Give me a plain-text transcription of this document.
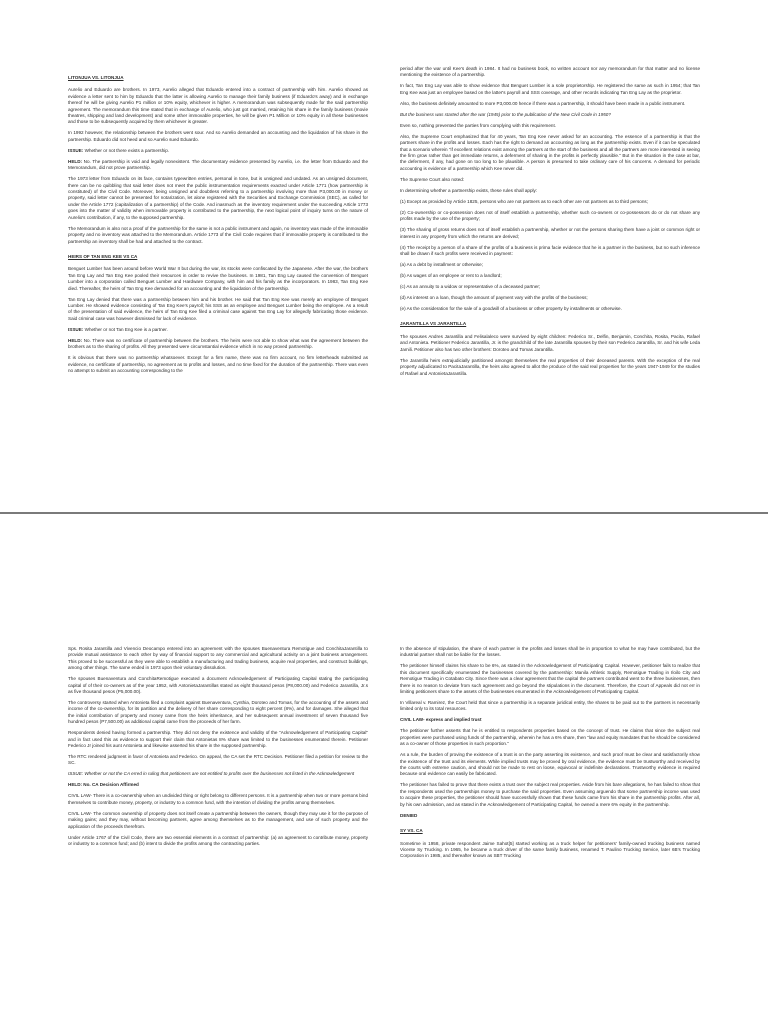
LITONJUA VS. LITONJUA

Aurelio and Eduardo are brothers. In 1973, Aurelio alleged that Eduardo entered into a contract of partnership with him. Aurelio showed as evidence a letter sent to him by Eduardo that the latter is allowing Aurelio to manage their family business (if Eduardo's away) and in exchange thereof he will be giving Aurelio P1 million or 10% equity, whichever is higher. A memorandum was subsequently made for the said partnership agreement. The memorandum this time stated that in exchange of Aurelio, who just got married, retaining his share in the family business (movie theatres, shipping and land development) and some other immovable properties, he will be given P1 Million or 10% equity in all these businesses and those to be subsequently acquired by them whichever is greater.

In 1992 however, the relationship between the brothers went sour. And so Aurelio demanded an accounting and the liquidation of his share in the partnership. Eduardo did not heed and so Aurelio sued Eduardo.

ISSUE: Whether or not there exists a partnership.

HELD: No. The partnership is void and legally nonexistent. The documentary evidence presented by Aurelio, i.e. the letter from Eduardo and the Memorandum, did not prove partnership.

The 1973 letter from Eduardo on its face, contains typewritten entries, personal in tone, but is unsigned and undated. As an unsigned document, there can be no quibbling that said letter does not meet the public instrumentation requirements exacted under Article 1771 (how partnership is constituted) of the Civil Code. Moreover, being unsigned and doubtless referring to a partnership involving more than P3,000.00 in money or property, said letter cannot be presented for notarization, let alone registered with the Securities and Exchange Commission (SEC), as called for under the Article 1772 (capitalization of a partnership) of the Code. And inasmuch as the inventory requirement under the succeeding Article 1773 goes into the matter of validity when immovable property is contributed to the partnership, the next logical point of inquiry turns on the nature of Aurelio's contribution, if any, to the supposed partnership.

The Memorandum is also not a proof of the partnership for the same is not a public instrument and again, no inventory was made of the immovable property and no inventory was attached to the Memorandum. Article 1773 of the Civil Code requires that if immovable property is contributed to the partnership an inventory shall be had and attached to the contract.

HEIRS OF TAN ENG KEE VS CA

Benguet Lumber has been around before World War II but during the war, its stocks were confiscated by the Japanese. After the war, the brothers Tan Eng Lay and Tan Eng Kee pooled their resources in order to revive the business. In 1981, Tan Eng Lay caused the conversion of Benguet Lumber into a corporation called Benguet Lumber and Hardware Company, with him and his family as the incorporators. In 1983, Tan Eng Kee died. Thereafter, the heirs of Tan Eng Kee demanded for an accounting and the liquidation of the partnership.

Tan Eng Lay denied that there was a partnership between him and his brother. He said that Tan Eng Kee was merely an employee of Benguet Lumber. He showed evidence consisting of Tan Eng Kee's payroll; his SSS as an employee and Benguet Lumber being the employee. As a result of the presentation of said evidence, the heirs of Tan Eng Kee filed a criminal case against Tan Eng Lay for allegedly fabricating those evidence. Said criminal case was however dismissed for lack of evidence.

ISSUE: Whether or not Tan Eng Kee is a partner.

HELD: No. There was no certificate of partnership between the brothers. The heirs were not able to show what was the agreement between the brothers as to the sharing of profits. All they presented were circumstantial evidence which in no way proved partnership.

It is obvious that there was no partnership whatsoever. Except for a firm name, there was no firm account, no firm letterheads submitted as evidence, no certificate of partnership, no agreement as to profits and losses, and no time fixed for the duration of the partnership. There was even no attempt to submit an accounting corresponding to the

period after the war until Kee's death in 1984. It had no business book, no written account nor any memorandum for that matter and no license mentioning the existence of a partnership.

In fact, Tan Eng Lay was able to show evidence that Benguet Lumber is a sole proprietorship. He registered the same as such in 1954; that Tan Eng Kee was just an employee based on the latter's payroll and SSS coverage, and other records indicating Tan Eng Lay as the proprietor.

Also, the business definitely amounted to more P3,000.00 hence if there was a partnership, it should have been made in a public instrument.

But the business was started after the war (1945) prior to the publication of the New Civil Code in 1950?

Even so, nothing prevented the parties from complying with this requirement.

Also, the Supreme Court emphasized that for 40 years, Tan Eng Kee never asked for an accounting. The essence of a partnership is that the partners share in the profits and losses. Each has the right to demand an accounting as long as the partnership exists. Even if it can be speculated that a scenario wherein "if excellent relations exist among the partners at the start of the business and all the partners are more interested in seeing the firm grow rather than get immediate returns, a deferment of sharing in the profits is perfectly plausible." But in the situation in the case at bar, the deferment, if any, had gone on too long to be plausible. A person is presumed to take ordinary care of his concerns. A demand for periodic accounting is evidence of a partnership which Kee never did.

The Supreme Court also noted:

In determining whether a partnership exists, these rules shall apply:

(1) Except as provided by Article 1825, persons who are not partners as to each other are not partners as to third persons;

(2) Co-ownership or co-possession does not of itself establish a partnership, whether such co-owners or co-possessors do or do not share any profits made by the use of the property;

(3) The sharing of gross returns does not of itself establish a partnership, whether or not the persons sharing them have a joint or common right or interest in any property from which the returns are derived;

(4) The receipt by a person of a share of the profits of a business is prima facie evidence that he is a partner in the business, but no such inference shall be drawn if such profits were received in payment:

(a) As a debt by installment or otherwise;

(b) As wages of an employee or rent to a landlord;

(c) As an annuity to a widow or representative of a deceased partner;

(d) As interest on a loan, though the amount of payment vary with the profits of the business;

(e) As the consideration for the sale of a goodwill of a business or other property by installments or otherwise.

JARANTILLA VS JARANTILLA

The spouses Andres Jarantilla and Felisalaleco were survived by eight children: Federico Sr., Delfin, Benjamin, Conchita, Rosita, Pacita, Rafael and Antonieta. Petitioner Federico Jarantilla, Jr. is the grandchild of the late Jarantilla spouses by their son Federico Jarantilla, Sr. and his wife Leda Jamili. Petitioner also has two other brothers: Doroteo and Tomas Jarantilla.

The Jarantilla heirs extrajudicially partitioned amongst themselves the real properties of their deceased parents. With the exception of the real property adjudicated to PacitaJarantilla, the heirs also agreed to allot the produce of the said real properties for the years 1947-1949 for the studies of Rafael and AntonietaJarantilla.

Sps. Rosita Jarantilla and Vivencio Deocampo entered into an agreement with the spouses Buenaventura Remotigue and ConchitaJarantilla to provide mutual assistance to each other by way of financial support to any commercial and agricultural activity on a joint business arrangement. This proved to be successful as they were able to establish a manufacturing and trading business, acquire real properties, and construct buildings, among other things. The same ended in 1973 upon their voluntary dissolution.

The spouses Buenaventura and ConchitaRemotigue executed a document Acknowledgement of Participating Capital stating the participating capital of of their co-owners as of the year 1952, with AntonietaJarantillas stated as eight thousand pesos (P8,000.00) and Federico Jarantilla, Jr.s as five thousand pesos (P5,000.00).

The controversy started when Antonieta filed a complaint against Buenaventura, Cynthia, Doroteo and Tomas, for the accounting of the assets and income of the co-ownership, for its partition and the delivery of her share corresponding to eight percent (8%), and for damages. She alleged that the initial contribution of property and money came from the heirs inheritance, and her subsequent annual investment of seven thousand five hundred pesos (P7,500.00) as additional capital came from the proceeds of her farm.

Respondents denied having formed a partnership. They did not deny the existence and validity of the "Acknowledgement of Participating Capital" and in fact used this as evidence to support their claim that Antonietas 8% share was limited to the businesses enumerated therein. Petitioner Federico Jr joined his aunt Antonieta and likewise asserted his share in the supposed partnership.

The RTC rendered judgment in favor of Antonieta and Federico. On appeal, the CA set the RTC Decision. Petitioner filed a petition for review to the SC.

ISSUE: Whether or not the CA erred in ruling that petitioners are not entitled to profits over the businesses not listed in the Acknowledgement

HELD: No. CA Decision Affirmed

CIVIL LAW- There is a co-ownership when an undivided thing or right belong to different persons. It is a partnership when two or more persons bind themselves to contribute money, property, or industry to a common fund, with the intention of dividing the profits among themselves.

CIVIL LAW- The common ownership of property does not itself create a partnership between the owners, though they may use it for the purpose of making gains; and they may, without becoming partners, agree among themselves as to the management, and use of such property and the application of the proceeds therefrom.

Under Article 1767 of the Civil Code, there are two essential elements in a contract of partnership: (a) an agreement to contribute money, property or industry to a common fund; and (b) intent to divide the profits among the contracting parties.

In the absence of stipulation, the share of each partner in the profits and losses shall be in proportion to what he may have contributed, but the industrial partner shall not be liable for the losses.

The petitioner himself claims his share to be 6%, as stated in the Acknowledgement of Participating Capital. However, petitioner fails to realize that this document specifically enumerated the businesses covered by the partnership: Manila Athletic Supply, Remotigue Trading in Iloilo City and Remotigue Trading in Cotabato City. Since there was a clear agreement that the capital the partners contributed went to the three businesses, then there is no reason to deviate from such agreement and go beyond the stipulations in the document. Therefore, the Court of Appeals did not err in limiting petitioners share to the assets of the businesses enumerated in the Acknowledgement of Participating Capital.

In Villareal v. Ramirez, the Court held that since a partnership is a separate juridical entity, the shares to be paid out to the partners is necessarily limited only to its total resources.

CIVIL LAW- express and implied trust

The petitioner further asserts that he is entitled to respondents properties based on the concept of trust. He claims that since the subject real properties were purchased using funds of the partnership, wherein he has a 6% share, then "law and equity mandates that he should be considered as a co-owner of those properties in such proportion."

As a rule, the burden of proving the existence of a trust is on the party asserting its existence, and such proof must be clear and satisfactorily show the existence of the trust and its elements. While implied trusts may be proved by oral evidence, the evidence must be trustworthy and received by the courts with extreme caution, and should not be made to rest on loose, equivocal or indefinite declarations. Trustworthy evidence is required because oral evidence can easily be fabricated.

The petitioner has failed to prove that there exists a trust over the subject real properties. Aside from his bare allegations, he has failed to show that the respondents used the partnerships money to purchase the said properties. Even assuming arguendo that some partnership income was used to acquire these properties, the petitioner should have successfully shown that these funds came from his share in the partnership profits. After all, by his own admission, and as stated in the Acknowledgement of Participating Capital, he owned a mere 6% equity in the partnership.

DENIED

SY VS. CA

Sometime in 1958, private respondent Jaime Sahot[5] started working as a truck helper for petitioners' family-owned trucking business named Vicente Sy Trucking. In 1965, he became a truck driver of the same family business, renamed T. Paulino Trucking Service, later 6B's Trucking Corporation in 1985, and thereafter known as SBT Trucking
